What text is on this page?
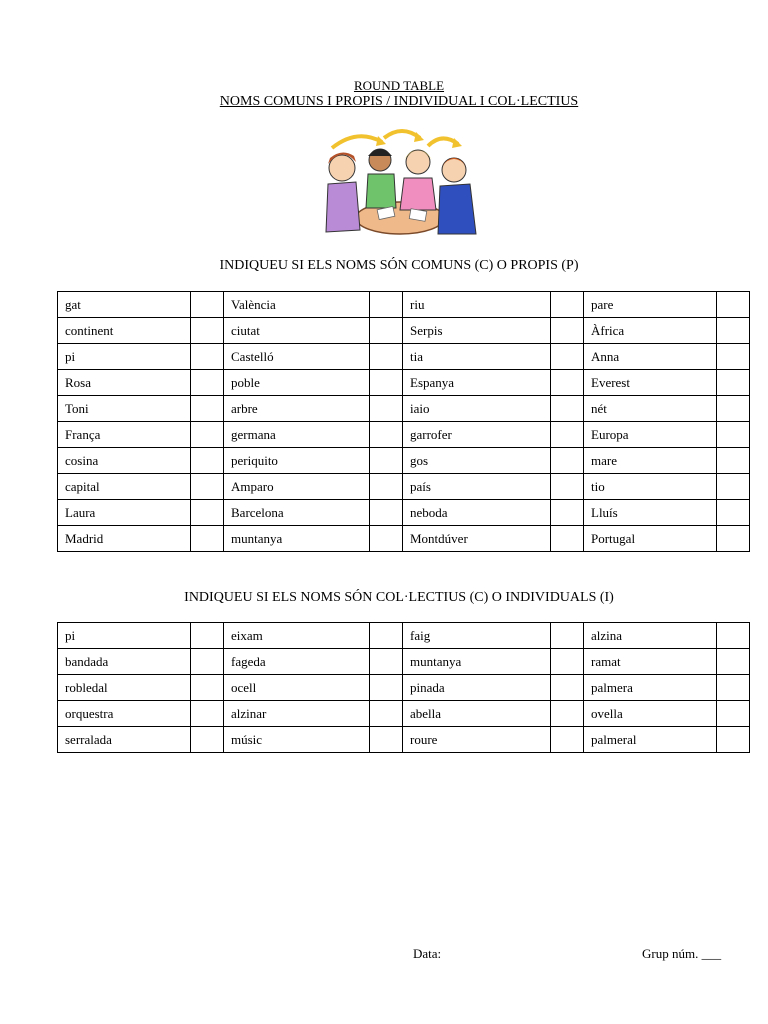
ROUND TABLE
NOMS COMUNS I PROPIS / INDIVIDUAL I COL·LECTIUS
INDIQUEU SI ELS NOMS SÓN COMUNS (C) O PROPIS (P)
gat		València		riu		pare	
continent		ciutat		Serpis		Àfrica	
pi		Castelló		tia		Anna	
Rosa		poble		Espanya		Everest	
Toni		arbre		iaio		nét	
França		germana		garrofer		Europa	
cosina		periquito		gos		mare	
capital		Amparo		país		tio	
Laura		Barcelona		neboda		Lluís	
Madrid		muntanya		Montdúver		Portugal	
INDIQUEU SI ELS NOMS SÓN COL·LECTIUS (C) O INDIVIDUALS (I)
pi		eixam		faig		alzina	
bandada		fageda		muntanya		ramat	
robledal		ocell		pinada		palmera	
orquestra		alzinar		abella		ovella	
serralada		músic		roure		palmeral	
Data:	Grup núm. ___
